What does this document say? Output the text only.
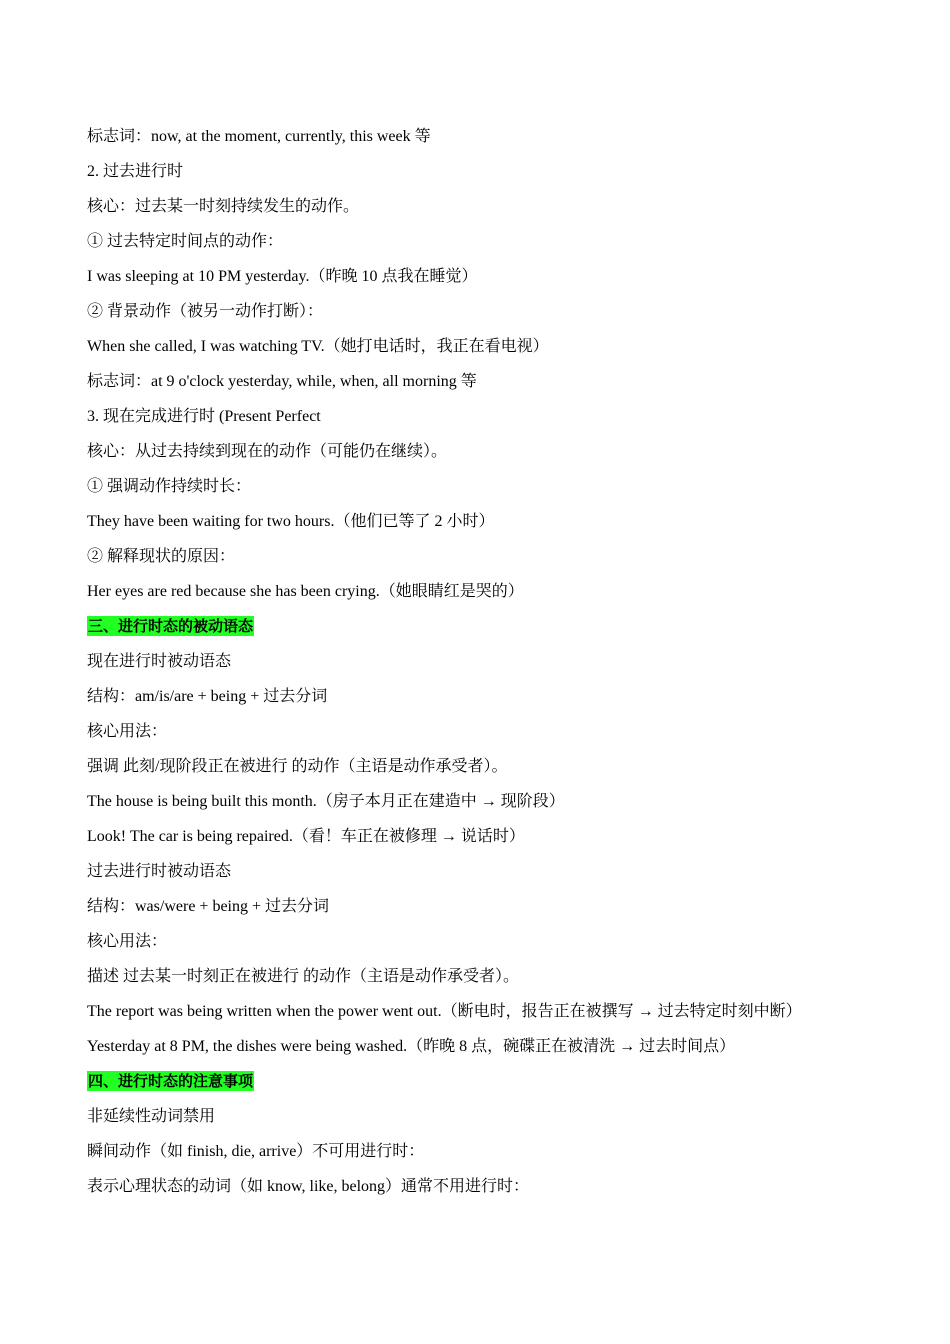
标志词：now, at the moment, currently, this week 等
2. 过去进行时
核心：过去某一时刻持续发生的动作。
① 过去特定时间点的动作：
I was sleeping at 10 PM yesterday.（昨晚 10 点我在睡觉）
② 背景动作（被另一动作打断）：
When she called, I was watching TV.（她打电话时，我正在看电视）
标志词：at 9 o'clock yesterday, while, when, all morning 等
3. 现在完成进行时 (Present Perfect
核心：从过去持续到现在的动作（可能仍在继续）。
① 强调动作持续时长：
They have been waiting for two hours.（他们已等了 2 小时）
② 解释现状的原因：
Her eyes are red because she has been crying.（她眼睛红是哭的）
三、进行时态的被动语态
现在进行时被动语态
结构：am/is/are + being + 过去分词
核心用法：
强调 此刻/现阶段正在被进行 的动作（主语是动作承受者）。
The house is being built this month.（房子本月正在建造中 → 现阶段）
Look! The car is being repaired.（看！车正在被修理 → 说话时）
过去进行时被动语态
结构：was/were + being + 过去分词
核心用法：
描述 过去某一时刻正在被进行 的动作（主语是动作承受者）。
The report was being written when the power went out.（断电时，报告正在被撰写 → 过去特定时刻中断）
Yesterday at 8 PM, the dishes were being washed.（昨晚 8 点，碗碟正在被清洗 → 过去时间点）
四、进行时态的注意事项
非延续性动词禁用
瞬间动作（如 finish, die, arrive）不可用进行时：
表示心理状态的动词（如 know, like, belong）通常不用进行时：
